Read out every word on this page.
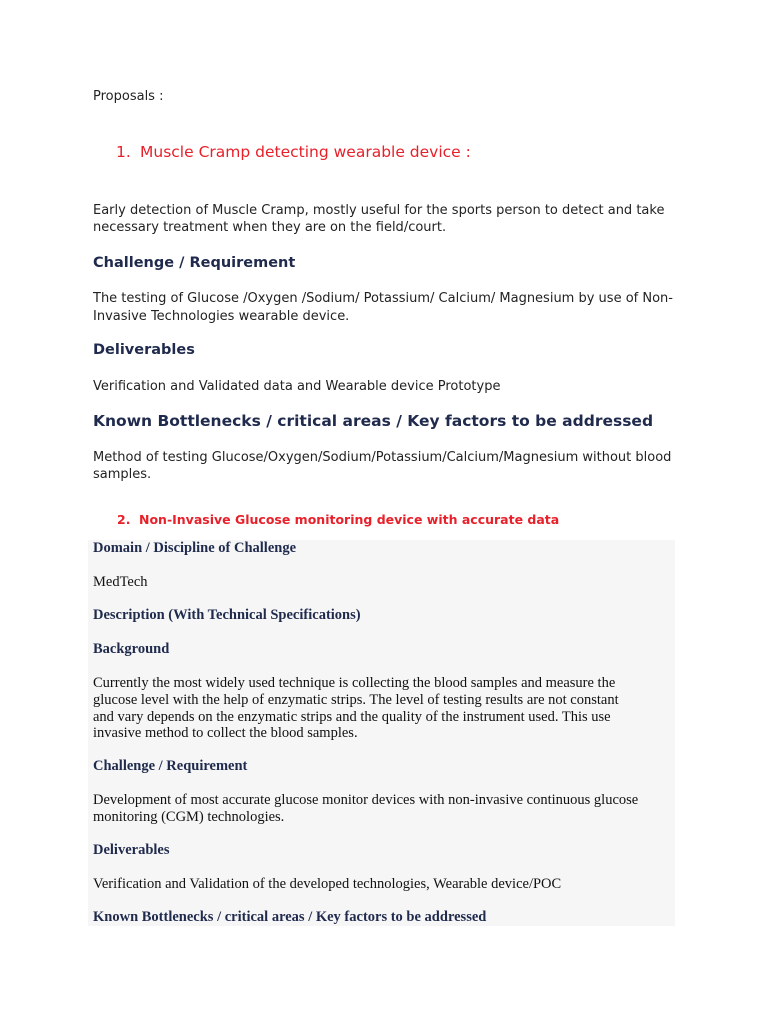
Proposals :
1. Muscle Cramp detecting wearable device :
Early detection of Muscle Cramp, mostly useful for the sports person to detect and take
necessary treatment when they are on the field/court.
Challenge / Requirement
The testing of Glucose /Oxygen /Sodium/ Potassium/ Calcium/ Magnesium by use of Non-
Invasive Technologies wearable device.
Deliverables
Verification and Validated data and Wearable device Prototype
Known Bottlenecks / critical areas / Key factors to be addressed
Method of testing Glucose/Oxygen/Sodium/Potassium/Calcium/Magnesium without blood
samples.
2. Non-Invasive Glucose monitoring device with accurate data
Domain / Discipline of Challenge
MedTech
Description (With Technical Specifications)
Background
Currently the most widely used technique is collecting the blood samples and measure the
glucose level with the help of enzymatic strips. The level of testing results are not constant
and vary depends on the enzymatic strips and the quality of the instrument used. This use
invasive method to collect the blood samples.
Challenge / Requirement
Development of most accurate glucose monitor devices with non-invasive continuous glucose
monitoring (CGM) technologies.
Deliverables
Verification and Validation of the developed technologies, Wearable device/POC
Known Bottlenecks / critical areas / Key factors to be addressed
